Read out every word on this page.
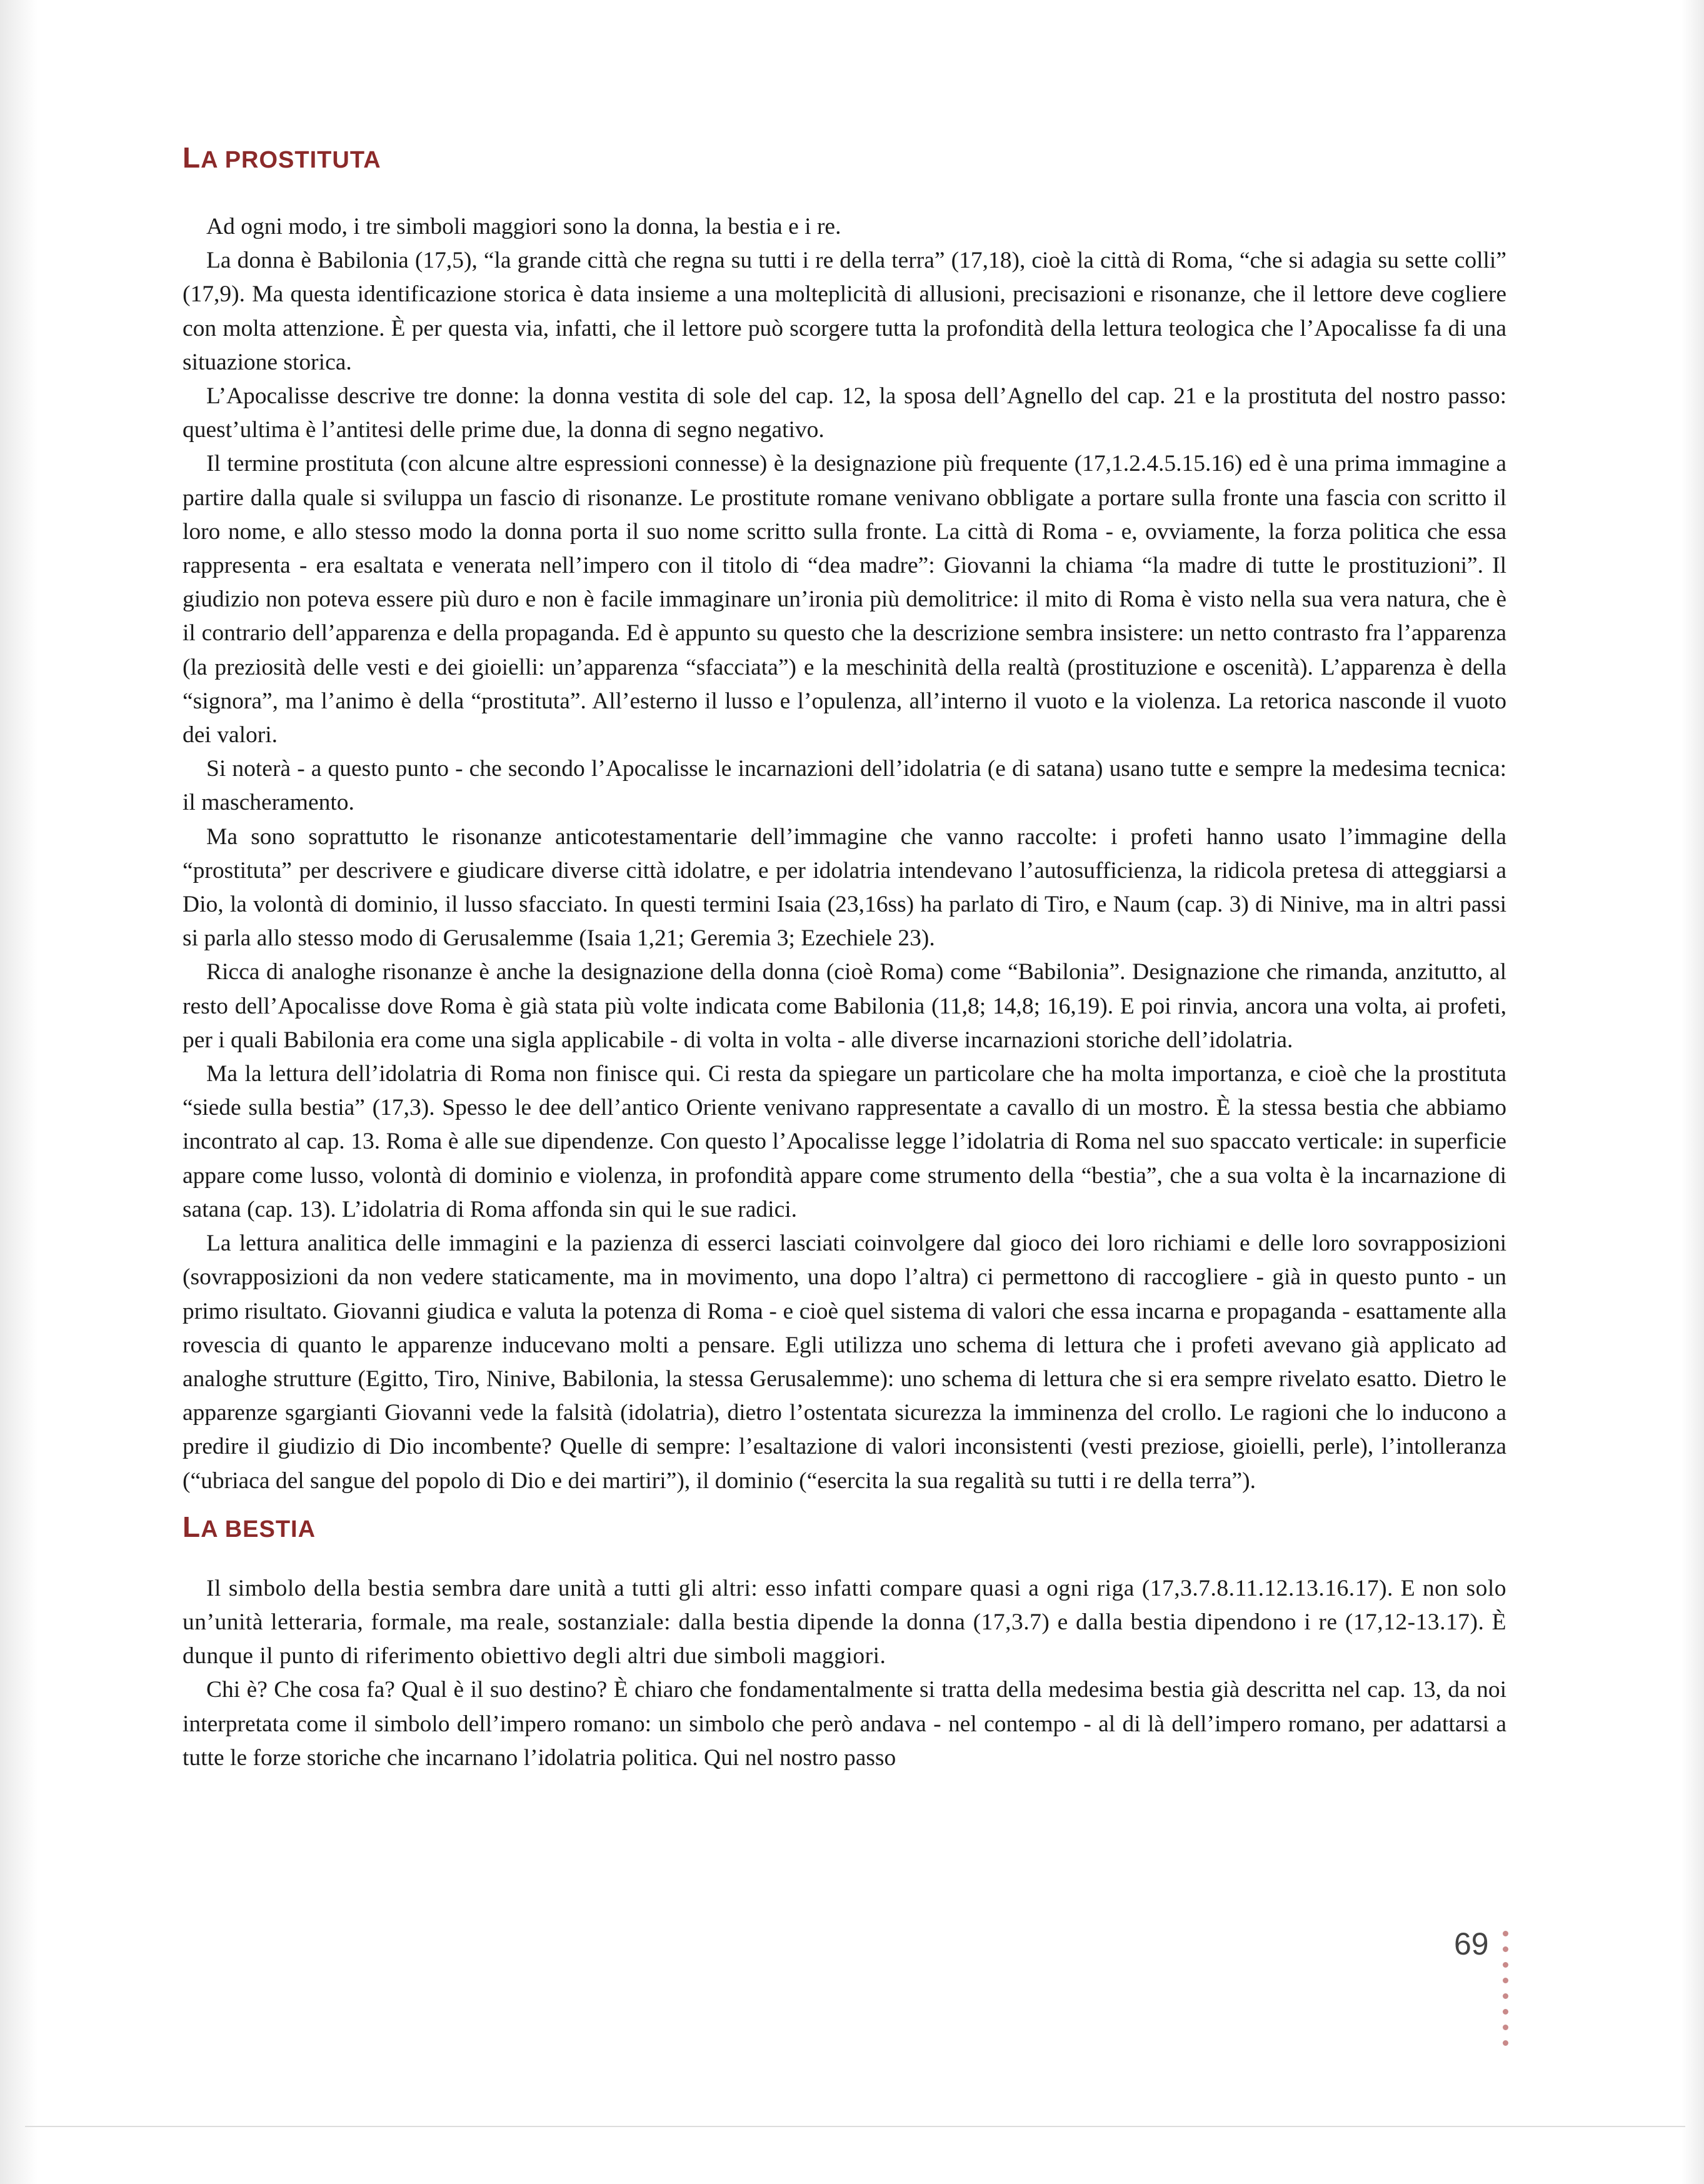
LA PROSTITUTA

Ad ogni modo, i tre simboli maggiori sono la donna, la bestia e i re.

La donna è Babilonia (17,5), “la grande città che regna su tutti i re della terra” (17,18), cioè la città di Roma, “che si adagia su sette colli” (17,9). Ma questa identificazione storica è data insieme a una molteplicità di allusioni, precisazioni e risonanze, che il lettore deve cogliere con molta attenzione. È per questa via, infatti, che il lettore può scorgere tutta la profondità della lettura teologica che l’Apocalisse fa di una situazione storica.

L’Apocalisse descrive tre donne: la donna vestita di sole del cap. 12, la sposa dell’Agnello del cap. 21 e la prostituta del nostro passo: quest’ultima è l’antitesi delle prime due, la donna di segno negativo.

Il termine prostituta (con alcune altre espressioni connesse) è la designazione più frequente (17,1.2.4.5.15.16) ed è una prima immagine a partire dalla quale si sviluppa un fascio di risonanze. Le prostitute romane venivano obbligate a portare sulla fronte una fascia con scritto il loro nome, e allo stesso modo la donna porta il suo nome scritto sulla fronte. La città di Roma - e, ovviamente, la forza politica che essa rappresenta - era esaltata e venerata nell’impero con il titolo di “dea madre”: Giovanni la chiama “la madre di tutte le prostituzioni”. Il giudizio non poteva essere più duro e non è facile immaginare un’ironia più demolitrice: il mito di Roma è visto nella sua vera natura, che è il contrario dell’apparenza e della propaganda. Ed è appunto su questo che la descrizione sembra insistere: un netto contrasto fra l’apparenza (la preziosità delle vesti e dei gioielli: un’apparenza “sfacciata”) e la meschinità della realtà (prostituzione e oscenità). L’apparenza è della “signora”, ma l’animo è della “prostituta”. All’esterno il lusso e l’opulenza, all’interno il vuoto e la violenza. La retorica nasconde il vuoto dei valori.

Si noterà - a questo punto - che secondo l’Apocalisse le incarnazioni dell’idolatria (e di satana) usano tutte e sempre la medesima tecnica: il mascheramento.

Ma sono soprattutto le risonanze anticotestamentarie dell’immagine che vanno raccolte: i profeti hanno usato l’immagine della “prostituta” per descrivere e giudicare diverse città idolatre, e per idolatria intendevano l’autosufficienza, la ridicola pretesa di atteggiarsi a Dio, la volontà di dominio, il lusso sfacciato. In questi termini Isaia (23,16ss) ha parlato di Tiro, e Naum (cap. 3) di Ninive, ma in altri passi si parla allo stesso modo di Gerusalemme (Isaia 1,21; Geremia 3; Ezechiele 23).

Ricca di analoghe risonanze è anche la designazione della donna (cioè Roma) come “Babilonia”. Designazione che rimanda, anzitutto, al resto dell’Apocalisse dove Roma è già stata più volte indicata come Babilonia (11,8; 14,8; 16,19). E poi rinvia, ancora una volta, ai profeti, per i quali Babilonia era come una sigla applicabile - di volta in volta - alle diverse incarnazioni storiche dell’idolatria.

Ma la lettura dell’idolatria di Roma non finisce qui. Ci resta da spiegare un particolare che ha molta importanza, e cioè che la prostituta “siede sulla bestia” (17,3). Spesso le dee dell’antico Oriente venivano rappresentate a cavallo di un mostro. È la stessa bestia che abbiamo incontrato al cap. 13. Roma è alle sue dipendenze. Con questo l’Apocalisse legge l’idolatria di Roma nel suo spaccato verticale: in superficie appare come lusso, volontà di dominio e violenza, in profondità appare come strumento della “bestia”, che a sua volta è la incarnazione di satana (cap. 13). L’idolatria di Roma affonda sin qui le sue radici.

La lettura analitica delle immagini e la pazienza di esserci lasciati coinvolgere dal gioco dei loro richiami e delle loro sovrapposizioni (sovrapposizioni da non vedere staticamente, ma in movimento, una dopo l’altra) ci permettono di raccogliere - già in questo punto - un primo risultato. Giovanni giudica e valuta la potenza di Roma - e cioè quel sistema di valori che essa incarna e propaganda - esattamente alla rovescia di quanto le apparenze inducevano molti a pensare. Egli utilizza uno schema di lettura che i profeti avevano già applicato ad analoghe strutture (Egitto, Tiro, Ninive, Babilonia, la stessa Gerusalemme): uno schema di lettura che si era sempre rivelato esatto. Dietro le apparenze sgargianti Giovanni vede la falsità (idolatria), dietro l’ostentata sicurezza la imminenza del crollo. Le ragioni che lo inducono a predire il giudizio di Dio incombente? Quelle di sempre: l’esaltazione di valori inconsistenti (vesti preziose, gioielli, perle), l’intolleranza (“ubriaca del sangue del popolo di Dio e dei martiri”), il dominio (“esercita la sua regalità su tutti i re della terra”).

LA BESTIA

Il simbolo della bestia sembra dare unità a tutti gli altri: esso infatti compare quasi a ogni riga (17,3.7.8.11.12.13.16.17). E non solo un’unità letteraria, formale, ma reale, sostanziale: dalla bestia dipende la donna (17,3.7) e dalla bestia dipendono i re (17,12-13.17). È dunque il punto di riferimento obiettivo degli altri due simboli maggiori.

Chi è? Che cosa fa? Qual è il suo destino? È chiaro che fondamentalmente si tratta della medesima bestia già descritta nel cap. 13, da noi interpretata come il simbolo dell’impero romano: un simbolo che però andava - nel contempo - al di là dell’impero romano, per adattarsi a tutte le forze storiche che incarnano l’idolatria politica. Qui nel nostro passo

69
